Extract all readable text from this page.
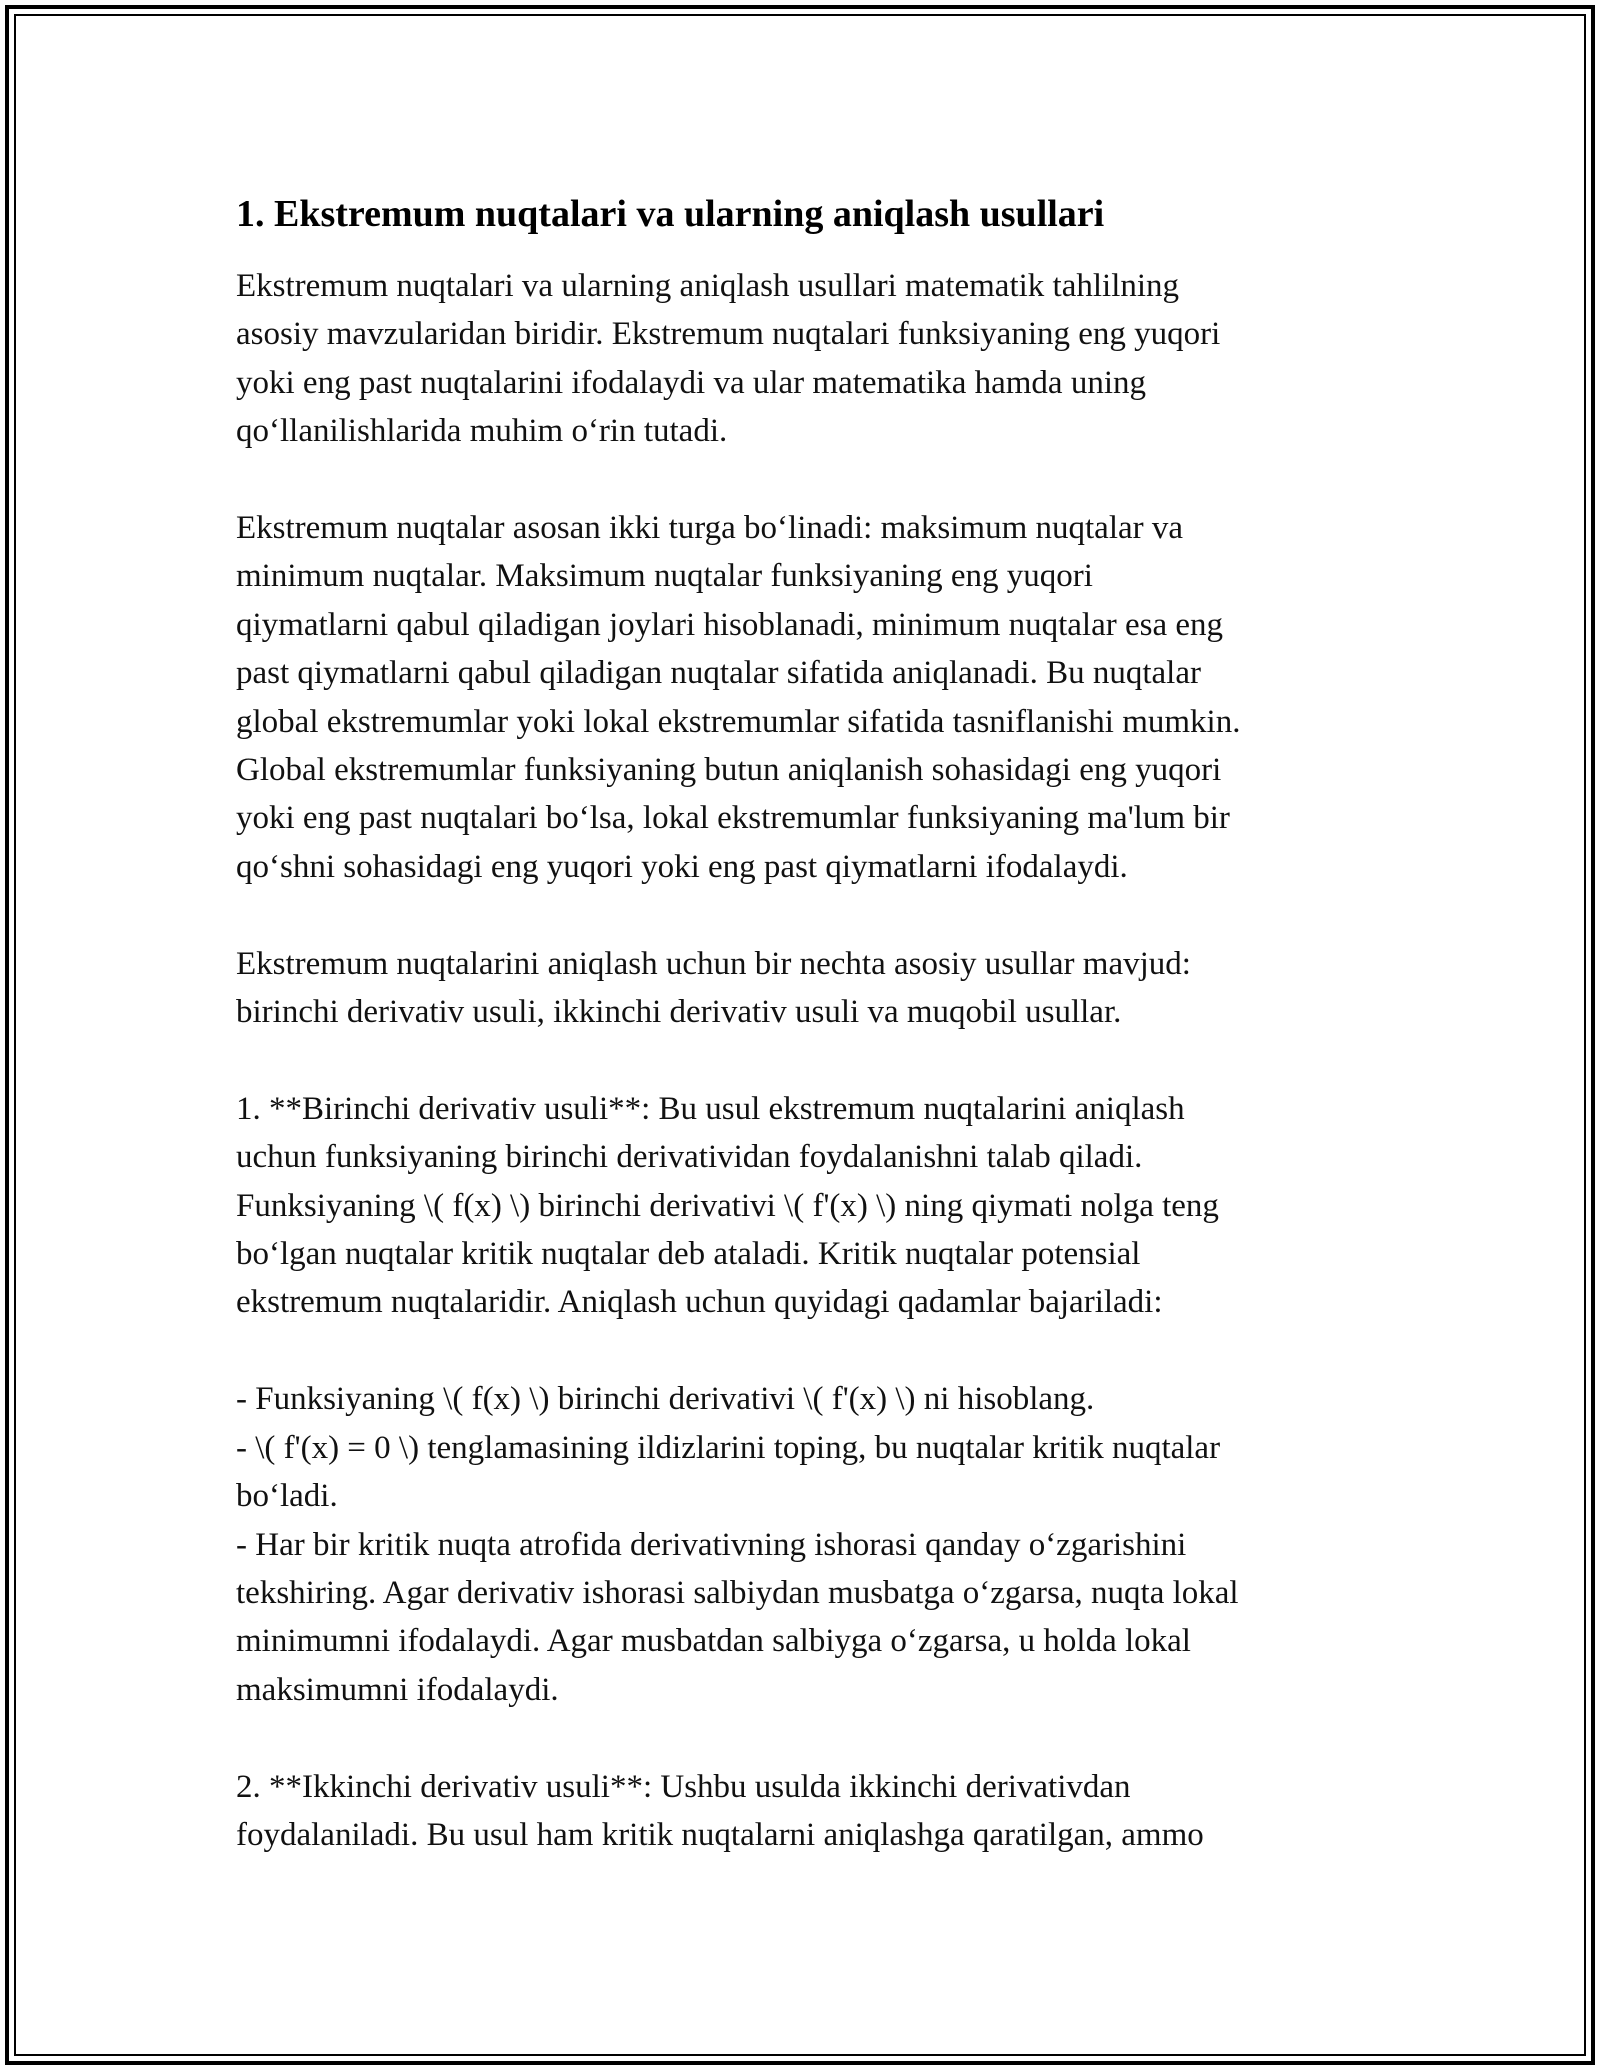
1. Ekstremum nuqtalari va ularning aniqlash usullari

Ekstremum nuqtalari va ularning aniqlash usullari matematik tahlilning
asosiy mavzularidan biridir. Ekstremum nuqtalari funksiyaning eng yuqori
yoki eng past nuqtalarini ifodalaydi va ular matematika hamda uning
qo‘llanilishlarida muhim o‘rin tutadi.

Ekstremum nuqtalar asosan ikki turga bo‘linadi: maksimum nuqtalar va
minimum nuqtalar. Maksimum nuqtalar funksiyaning eng yuqori
qiymatlarni qabul qiladigan joylari hisoblanadi, minimum nuqtalar esa eng
past qiymatlarni qabul qiladigan nuqtalar sifatida aniqlanadi. Bu nuqtalar
global ekstremumlar yoki lokal ekstremumlar sifatida tasniflanishi mumkin.
Global ekstremumlar funksiyaning butun aniqlanish sohasidagi eng yuqori
yoki eng past nuqtalari bo‘lsa, lokal ekstremumlar funksiyaning ma'lum bir
qo‘shni sohasidagi eng yuqori yoki eng past qiymatlarni ifodalaydi.

Ekstremum nuqtalarini aniqlash uchun bir nechta asosiy usullar mavjud:
birinchi derivativ usuli, ikkinchi derivativ usuli va muqobil usullar.

1. **Birinchi derivativ usuli**: Bu usul ekstremum nuqtalarini aniqlash
uchun funksiyaning birinchi derivatividan foydalanishni talab qiladi.
Funksiyaning \( f(x) \) birinchi derivativi \( f'(x) \) ning qiymati nolga teng
bo‘lgan nuqtalar kritik nuqtalar deb ataladi. Kritik nuqtalar potensial
ekstremum nuqtalaridir. Aniqlash uchun quyidagi qadamlar bajariladi:

- Funksiyaning \( f(x) \) birinchi derivativi \( f'(x) \) ni hisoblang.
- \( f'(x) = 0 \) tenglamasining ildizlarini toping, bu nuqtalar kritik nuqtalar
bo‘ladi.
- Har bir kritik nuqta atrofida derivativning ishorasi qanday o‘zgarishini
tekshiring. Agar derivativ ishorasi salbiydan musbatga o‘zgarsa, nuqta lokal
minimumni ifodalaydi. Agar musbatdan salbiyga o‘zgarsa, u holda lokal
maksimumni ifodalaydi.

2. **Ikkinchi derivativ usuli**: Ushbu usulda ikkinchi derivativdan
foydalaniladi. Bu usul ham kritik nuqtalarni aniqlashga qaratilgan, ammo
